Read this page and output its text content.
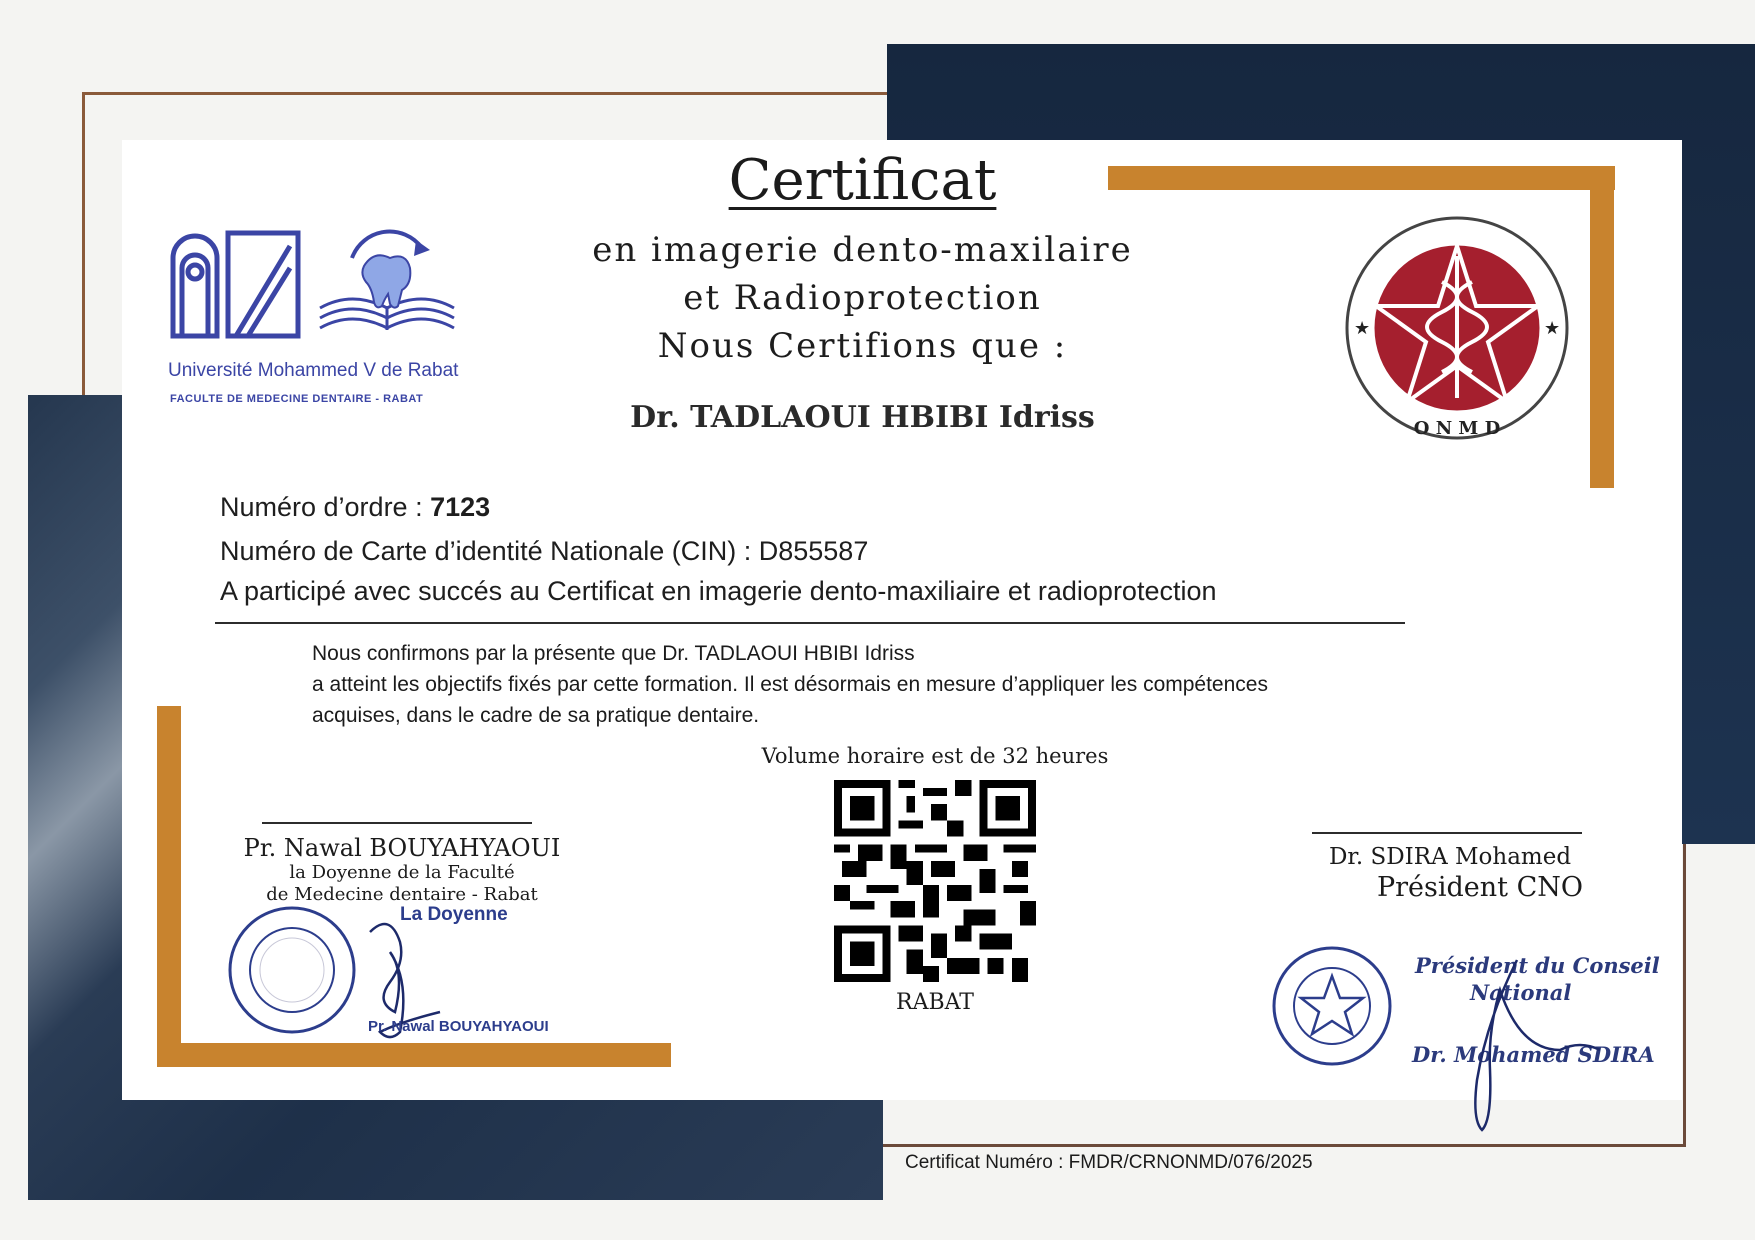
Université Mohammed V de Rabat
FACULTE DE MEDECINE DENTAIRE - RABAT
★	★
O N M D
Certificat
en imagerie dento-maxilaire
et Radioprotection
Nous Certifions que :
Dr. TADLAOUI HBIBI Idriss
Numéro d’ordre : 7123
Numéro de Carte d’identité Nationale (CIN) : D855587
A participé avec succés au Certificat en imagerie dento-maxiliaire et radioprotection
Nous confirmons par la présente que Dr. TADLAOUI HBIBI Idriss
a atteint les objectifs fixés par cette formation. Il est désormais en mesure d’appliquer les compétences
acquises, dans le cadre de sa pratique dentaire.
Volume horaire est de 32 heures
RABAT
Pr. Nawal BOUYAHYAOUI
la Doyenne de la Faculté
de Medecine dentaire - Rabat
La Doyenne
Pr. Nawal BOUYAHYAOUI
Dr. SDIRA Mohamed
Président CNO
Président du Conseil
National
Dr. Mohamed SDIRA
Certificat Numéro : FMDR/CRNONMD/076/2025
